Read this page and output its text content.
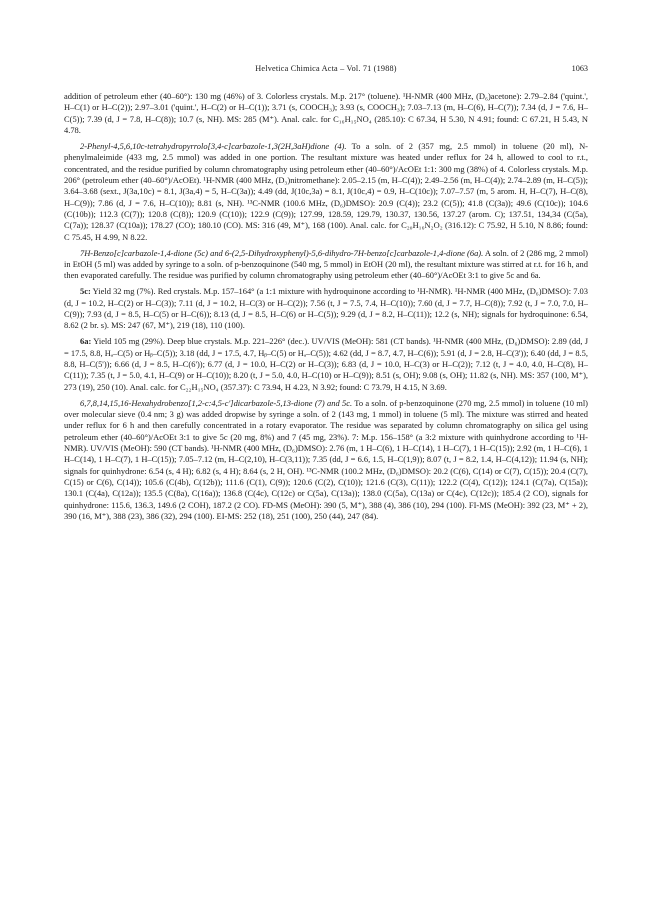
Helvetica Chimica Acta – Vol. 71 (1988)	1063

addition of petroleum ether (40–60°): 130 mg (46%) of 3. Colorless crystals. M.p. 217° (toluene). ¹H-NMR (400 MHz, (D₆)acetone): 2.79–2.84 ('quint.', H–C(1) or H–C(2)); 2.97–3.01 ('quint.', H–C(2) or H–C(1)); 3.71 (s, COOCH₃); 3.93 (s, COOCH₃); 7.03–7.13 (m, H–C(6), H–C(7)); 7.34 (d, J = 7.6, H–C(5)); 7.39 (d, J = 7.8, H–C(8)); 10.7 (s, NH). MS: 285 (M⁺). Anal. calc. for C₁₆H₁₅NO₄ (285.10): C 67.34, H 5.30, N 4.91; found: C 67.21, H 5.43, N 4.78.

2-Phenyl-4,5,6,10c-tetrahydropyrrolo[3,4-c]carbazole-1,3(2H,3aH)dione (4). To a soln. of 2 (357 mg, 2.5 mmol) in toluene (20 ml), N-phenylmaleimide (433 mg, 2.5 mmol) was added in one portion. The resultant mixture was heated under reflux for 24 h, allowed to cool to r.t., concentrated, and the residue purified by column chromatography using petroleum ether (40–60°)/AcOEt 1:1: 300 mg (38%) of 4. Colorless crystals. M.p. 206° (petroleum ether (40–60°)/AcOEt). ¹H-NMR (400 MHz, (D₃)nitromethane): 2.05–2.15 (m, H–C(4)); 2.49–2.56 (m, H–C(4)); 2.74–2.89 (m, H–C(5)); 3.64–3.68 (sext., J(3a,10c) = 8.1, J(3a,4) = 5, H–C(3a)); 4.49 (dd, J(10c,3a) = 8.1, J(10c,4) = 0.9, H–C(10c)); 7.07–7.57 (m, 5 arom. H, H–C(7), H–C(8), H–C(9)); 7.86 (d, J = 7.6, H–C(10)); 8.81 (s, NH). ¹³C-NMR (100.6 MHz, (D₆)DMSO): 20.9 (C(4)); 23.2 (C(5)); 41.8 (C(3a)); 49.6 (C(10c)); 104.6 (C(10b)); 112.3 (C(7)); 120.8 (C(8)); 120.9 (C(10)); 122.9 (C(9)); 127.99, 128.59, 129.79, 130.37, 130.56, 137.27 (arom. C); 137.51, 134,34 (C(5a), C(7a)); 128.37 (C(10a)); 178.27 (CO); 180.10 (CO). MS: 316 (49, M⁺), 168 (100). Anal. calc. for C₂₀H₁₆N₂O₂ (316.12): C 75.92, H 5.10, N 8.86; found: C 75.45, H 4.99, N 8.22.

7H-Benzo[c]carbazole-1,4-dione (5c) and 6-(2,5-Dihydroxyphenyl)-5,6-dihydro-7H-benzo[c]carbazole-1,4-dione (6a). A soln. of 2 (286 mg, 2 mmol) in EtOH (5 ml) was added by syringe to a soln. of p-benzoquinone (540 mg, 5 mmol) in EtOH (20 ml), the resultant mixture was stirred at r.t. for 16 h, and then evaporated carefully. The residue was purified by column chromatography using petroleum ether (40–60°)/AcOEt 3:1 to give 5c and 6a.

5c: Yield 32 mg (7%). Red crystals. M.p. 157–164° (a 1:1 mixture with hydroquinone according to ¹H-NMR). ¹H-NMR (400 MHz, (D₆)DMSO): 7.03 (d, J = 10.2, H–C(2) or H–C(3)); 7.11 (d, J = 10.2, H–C(3) or H–C(2)); 7.56 (t, J = 7.5, 7.4, H–C(10)); 7.60 (d, J = 7.7, H–C(8)); 7.92 (t, J = 7.0, 7.0, H–C(9)); 7.93 (d, J = 8.5, H–C(5) or H–C(6)); 8.13 (d, J = 8.5, H–C(6) or H–C(5)); 9.29 (d, J = 8.2, H–C(11)); 12.2 (s, NH); signals for hydroquinone: 6.54, 8.62 (2 br. s). MS: 247 (67, M⁺), 219 (18), 110 (100).

6a: Yield 105 mg (29%). Deep blue crystals. M.p. 221–226° (dec.). UV/VIS (MeOH): 581 (CT bands). ¹H-NMR (400 MHz, (D₆)DMSO): 2.89 (dd, J = 17.5, 8.8, Hₐ–C(5) or Hᵦ–C(5)); 3.18 (dd, J = 17.5, 4.7, Hᵦ–C(5) or Hₐ–C(5)); 4.62 (dd, J = 8.7, 4.7, H–C(6)); 5.91 (d, J = 2.8, H–C(3')); 6.40 (dd, J = 8.5, 8.8, H–C(5')); 6.66 (d, J = 8.5, H–C(6')); 6.77 (d, J = 10.0, H–C(2) or H–C(3)); 6.83 (d, J = 10.0, H–C(3) or H–C(2)); 7.12 (t, J = 4.0, 4.0, H–C(8), H–C(11)); 7.35 (t, J = 5.0, 4.1, H–C(9) or H–C(10)); 8.20 (t, J = 5.0, 4.0, H–C(10) or H–C(9)); 8.51 (s, OH); 9.08 (s, OH); 11.82 (s, NH). MS: 357 (100, M⁺), 273 (19), 250 (10). Anal. calc. for C₂₂H₁₅NO₄ (357.37): C 73.94, H 4.23, N 3.92; found: C 73.79, H 4.15, N 3.69.

6,7,8,14,15,16-Hexahydrobenzo[1,2-c:4,5-c']dicarbazole-5,13-dione (7) and 5c. To a soln. of p-benzoquinone (270 mg, 2.5 mmol) in toluene (10 ml) over molecular sieve (0.4 nm; 3 g) was added dropwise by syringe a soln. of 2 (143 mg, 1 mmol) in toluene (5 ml). The mixture was stirred and heated under reflux for 6 h and then carefully concentrated in a rotary evaporator. The residue was separated by column chromatography on silica gel using petroleum ether (40–60°)/AcOEt 3:1 to give 5c (20 mg, 8%) and 7 (45 mg, 23%). 7: M.p. 156–158° (a 3:2 mixture with quinhydrone according to ¹H-NMR). UV/VIS (MeOH): 590 (CT bands). ¹H-NMR (400 MHz, (D₆)DMSO): 2.76 (m, 1 H–C(6), 1 H–C(14), 1 H–C(7), 1 H–C(15)); 2.92 (m, 1 H–C(6), 1 H–C(14), 1 H–C(7), 1 H–C(15)); 7.05–7.12 (m, H–C(2,10), H–C(3,11)); 7.35 (dd, J = 6.6, 1.5, H–C(1,9)); 8.07 (t, J = 8.2, 1.4, H–C(4,12)); 11.94 (s, NH); signals for quinhydrone: 6.54 (s, 4 H); 6.82 (s, 4 H); 8.64 (s, 2 H, OH). ¹³C-NMR (100.2 MHz, (D₆)DMSO): 20.2 (C(6), C(14) or C(7), C(15)); 20.4 (C(7), C(15) or C(6), C(14)); 105.6 (C(4b), C(12b)); 111.6 (C(1), C(9)); 120.6 (C(2), C(10)); 121.6 (C(3), C(11)); 122.2 (C(4), C(12)); 124.1 (C(7a), C(15a)); 130.1 (C(4a), C(12a)); 135.5 (C(8a), C(16a)); 136.8 (C(4c), C(12c) or C(5a), C(13a)); 138.0 (C(5a), C(13a) or C(4c), C(12c)); 185.4 (2 CO), signals for quinhydrone: 115.6, 136.3, 149.6 (2 COH), 187.2 (2 CO). FD-MS (MeOH): 390 (5, M⁺), 388 (4), 386 (10), 294 (100). FI-MS (MeOH): 392 (23, M⁺ + 2), 390 (16, M⁺), 388 (23), 386 (32), 294 (100). EI-MS: 252 (18), 251 (100), 250 (44), 247 (84).
